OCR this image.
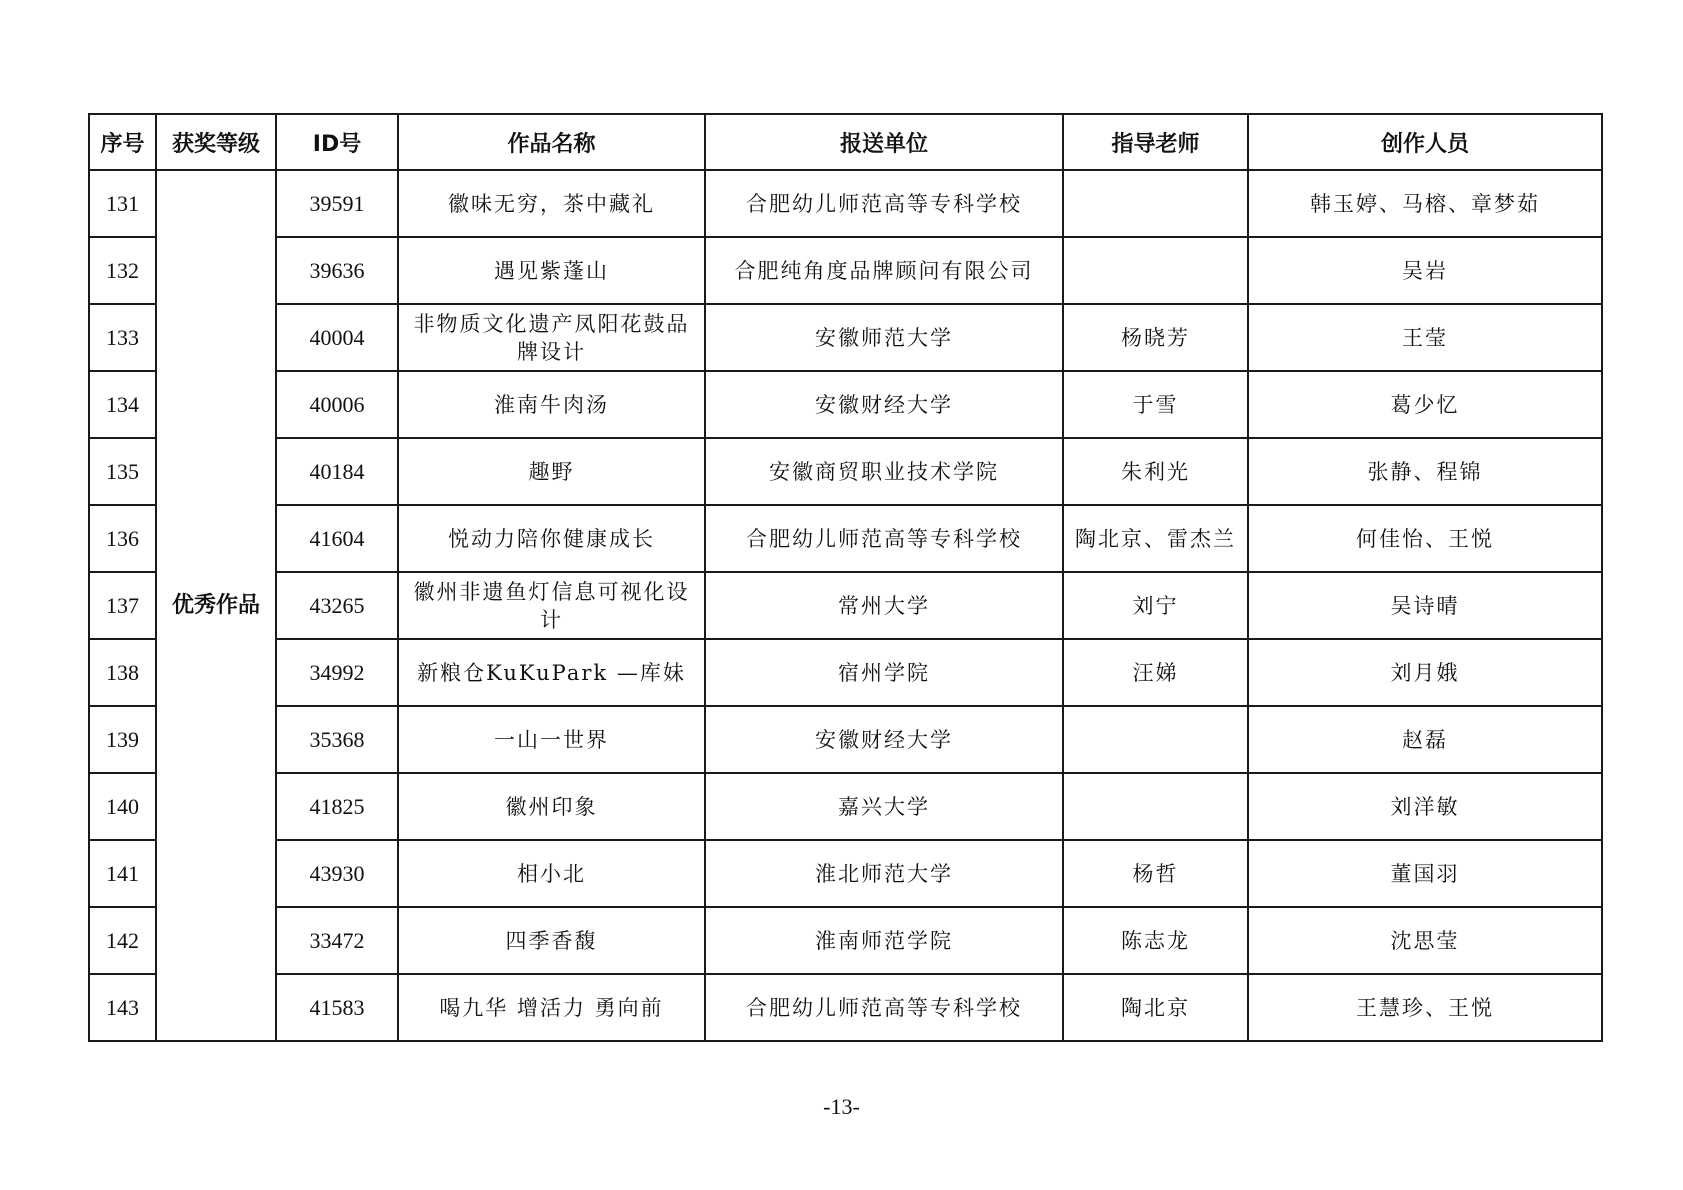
序号	获奖等级	ID号	作品名称	报送单位	指导老师	创作人员
131	优秀作品	39591	徽味无穷，茶中藏礼	合肥幼儿师范高等专科学校		韩玉婷、马榕、章梦茹
132		39636	遇见紫蓬山	合肥纯角度品牌顾问有限公司		吴岩
133		40004	非物质文化遗产凤阳花鼓品牌设计	安徽师范大学	杨晓芳	王莹
134		40006	淮南牛肉汤	安徽财经大学	于雪	葛少忆
135		40184	趣野	安徽商贸职业技术学院	朱利光	张静、程锦
136		41604	悦动力陪你健康成长	合肥幼儿师范高等专科学校	陶北京、雷杰兰	何佳怡、王悦
137		43265	徽州非遗鱼灯信息可视化设计	常州大学	刘宁	吴诗晴
138		34992	新粮仓KuKuPark —库妹	宿州学院	汪娣	刘月娥
139		35368	一山一世界	安徽财经大学		赵磊
140		41825	徽州印象	嘉兴大学		刘洋敏
141		43930	相小北	淮北师范大学	杨哲	董国羽
142		33472	四季香馥	淮南师范学院	陈志龙	沈思莹
143		41583	喝九华 增活力 勇向前	合肥幼儿师范高等专科学校	陶北京	王慧珍、王悦
-13-
